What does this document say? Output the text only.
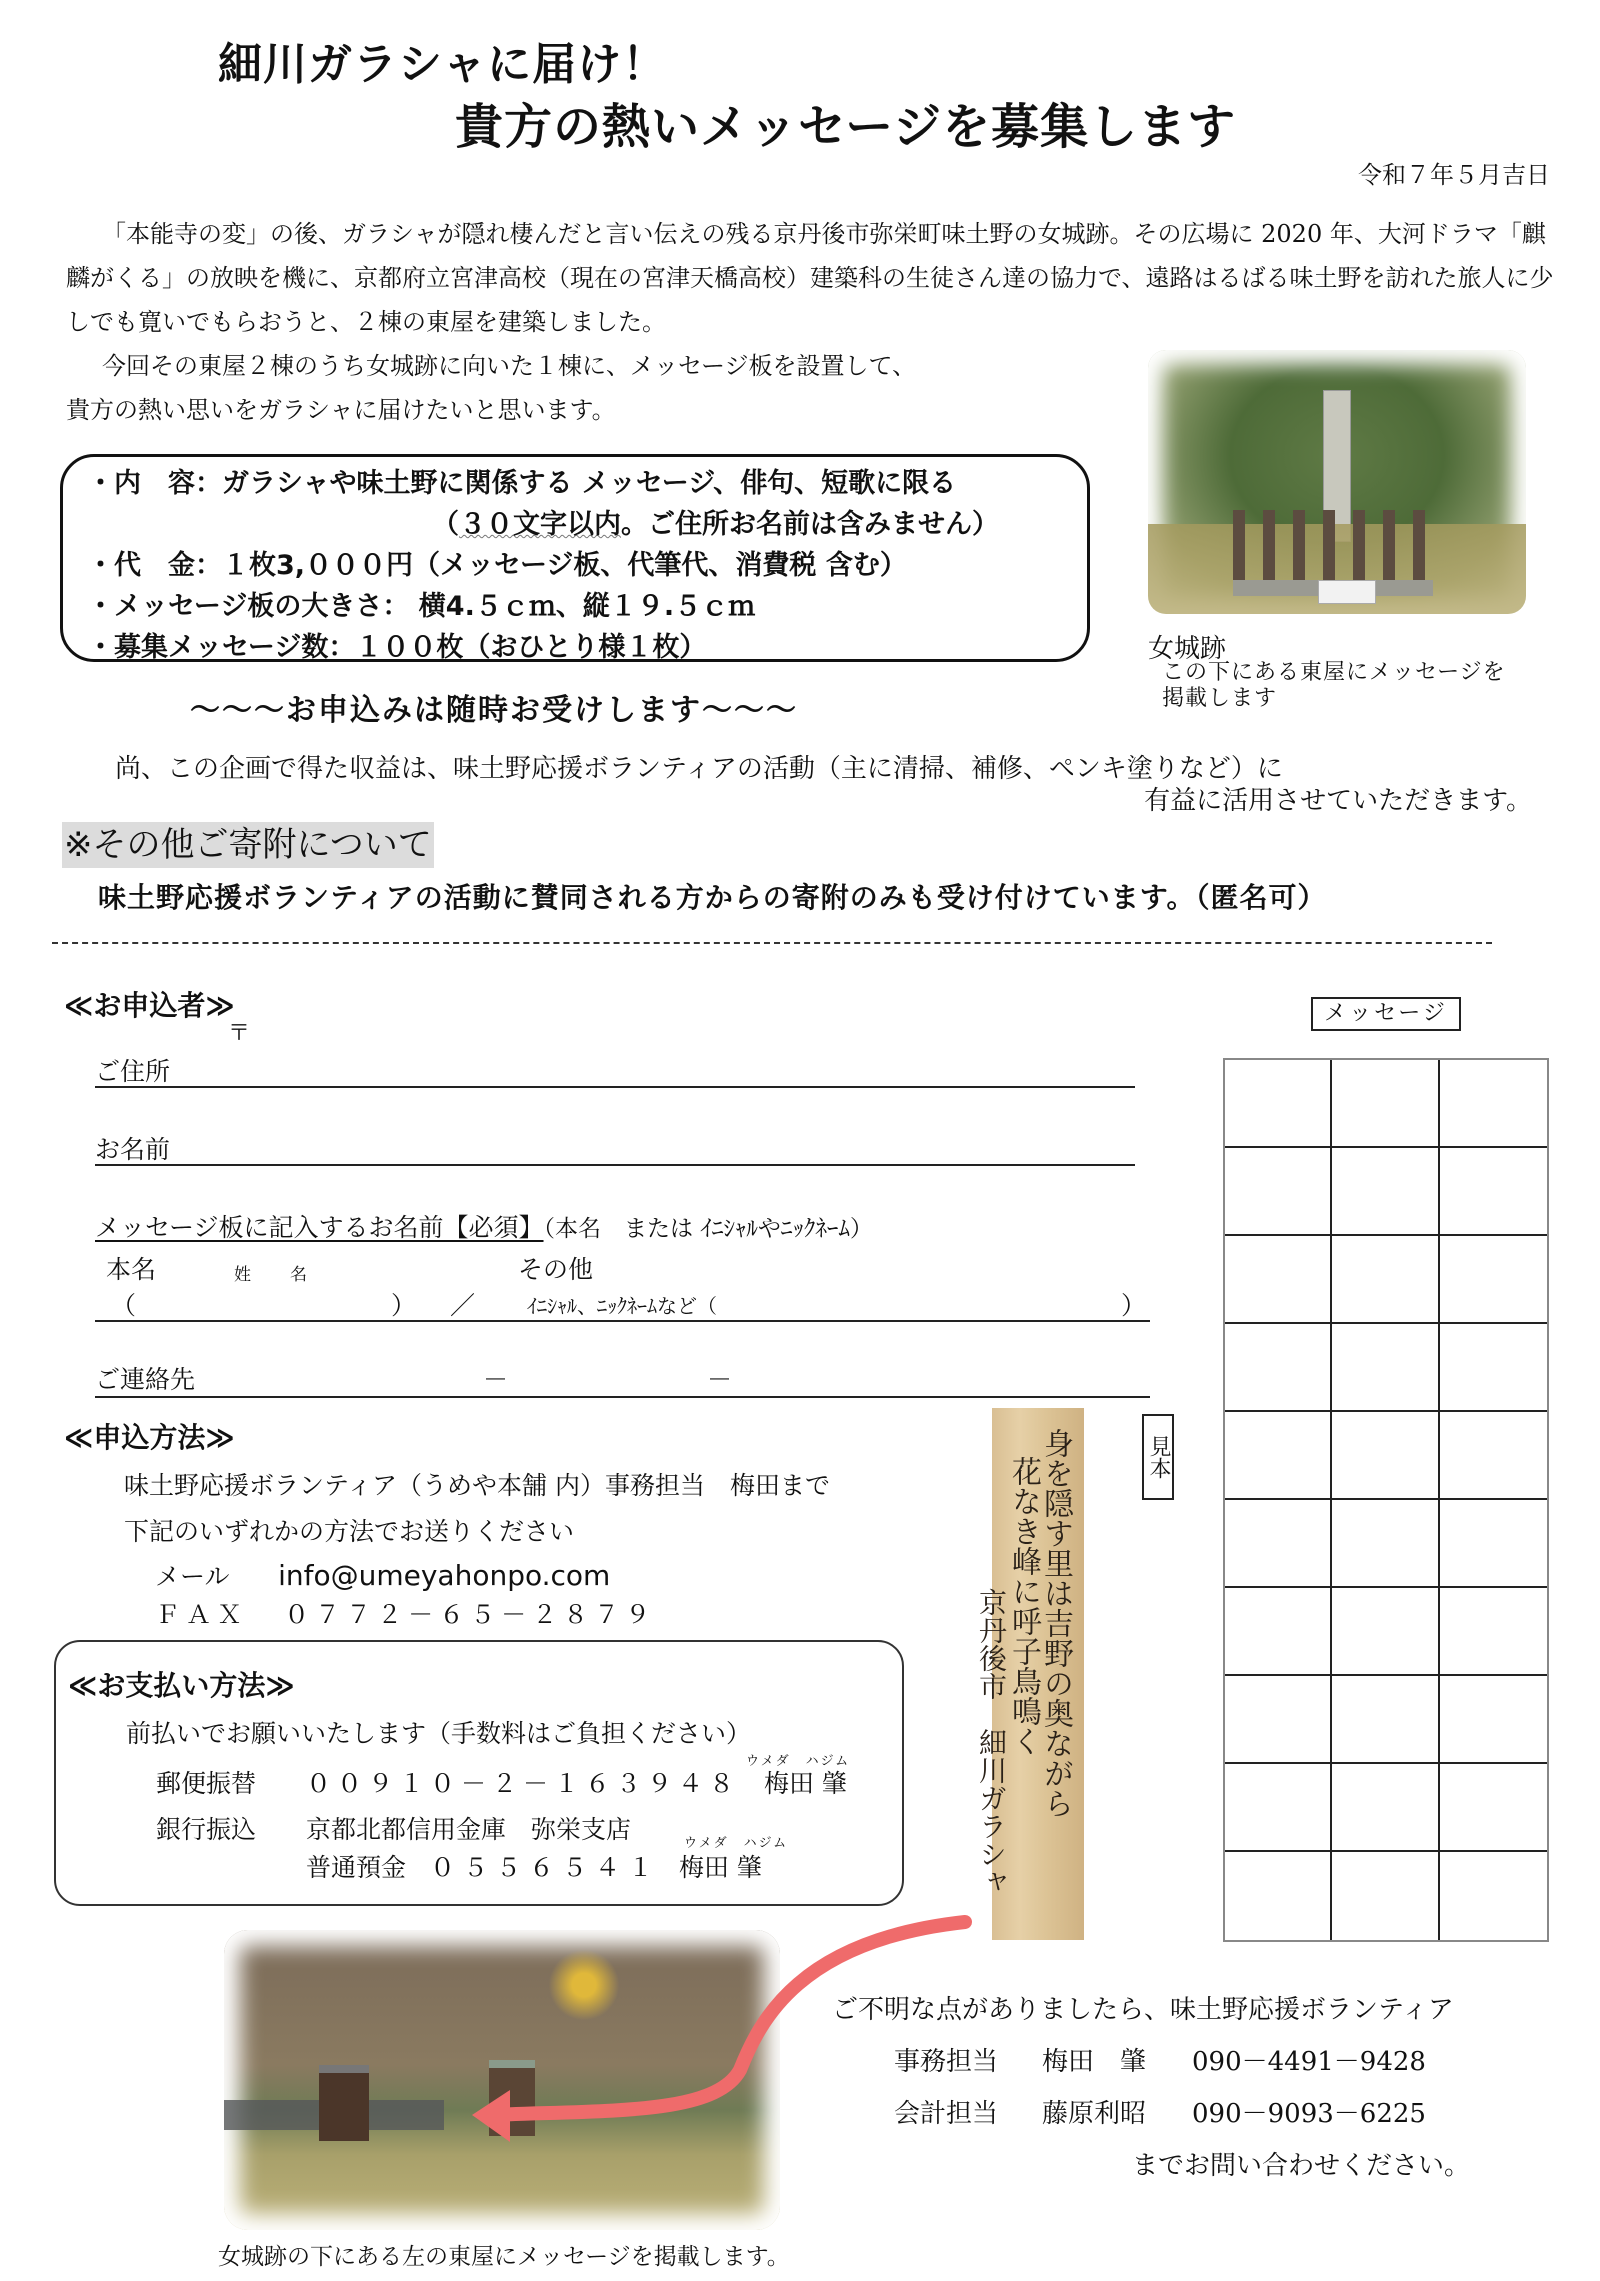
細川ガラシャに届け！
貴方の熱いメッセージを募集します
令和７年５月吉日

「本能寺の変」の後、ガラシャが隠れ棲んだと言い伝えの残る京丹後市弥栄町味土野の女城跡。その広場に 2020 年、大河ドラマ「麒麟がくる」の放映を機に、京都府立宮津高校（現在の宮津天橋高校）建築科の生徒さん達の協力で、遠路はるばる味土野を訪れた旅人に少しでも寛いでもらおうと、２棟の東屋を建築しました。

今回その東屋２棟のうち女城跡に向いた１棟に、メッセージ板を設置して、

貴方の熱い思いをガラシャに届けたいと思います。

・内　容：ガラシャや味土野に関係する メッセージ、俳句、短歌に限る
（３０文字以内。ご住所お名前は含みません）
・代　金：１枚3,０００円（メッセージ板、代筆代、消費税 含む）
・メッセージ板の大きさ： 横4.５ｃｍ、縦１９.５ｃｍ
・募集メッセージ数：１００枚（おひとり様１枚）
～～～お申込みは随時お受けします～～～
女城跡
この下にある東屋にメッセージを
掲載します
尚、この企画で得た収益は、味土野応援ボランティアの活動（主に清掃、補修、ペンキ塗りなど）に
有益に活用させていただきます。
※その他ご寄附について
味土野応援ボランティアの活動に賛同される方からの寄附のみも受け付けています。（匿名可）
≪お申込者≫
〒
ご住所
お名前
メッセージ板に記入するお名前【必須】（本名　または ｲﾆｼｬﾙやﾆｯｸﾈｰﾑ）
本名	姓 名	その他
（	） ／	ｲﾆｼｬﾙ、ﾆｯｸﾈｰﾑなど（	）
ご連絡先	－	－
メッセージ
≪申込方法≫
味土野応援ボランティア（うめや本舗 内）事務担当　梅田まで
下記のいずれかの方法でお送りください
メール info@umeyahonpo.com
ＦＡＸ ０７７２－６５－２８７９	身を隠す里は吉野の奥ながら
花なき峰に呼子鳥鳴く
京丹後市　細川ガラシャ
見本
≪お支払い方法≫
前払いでお願いいたします（手数料はご負担ください）
ウメダ　ハジム
郵便振替 ００９１０－２－１６３９４８ 梅田 肇
銀行振込 京都北都信用金庫　弥栄支店	ウメダ　ハジム
普通預金 ０５５６５４１ 梅田 肇
女城跡の下にある左の東屋にメッセージを掲載します。
ご不明な点がありましたら、味土野応援ボランティア
事務担当 梅田　肇 090－4491－9428
会計担当 藤原利昭 090－9093－6225
までお問い合わせください。
